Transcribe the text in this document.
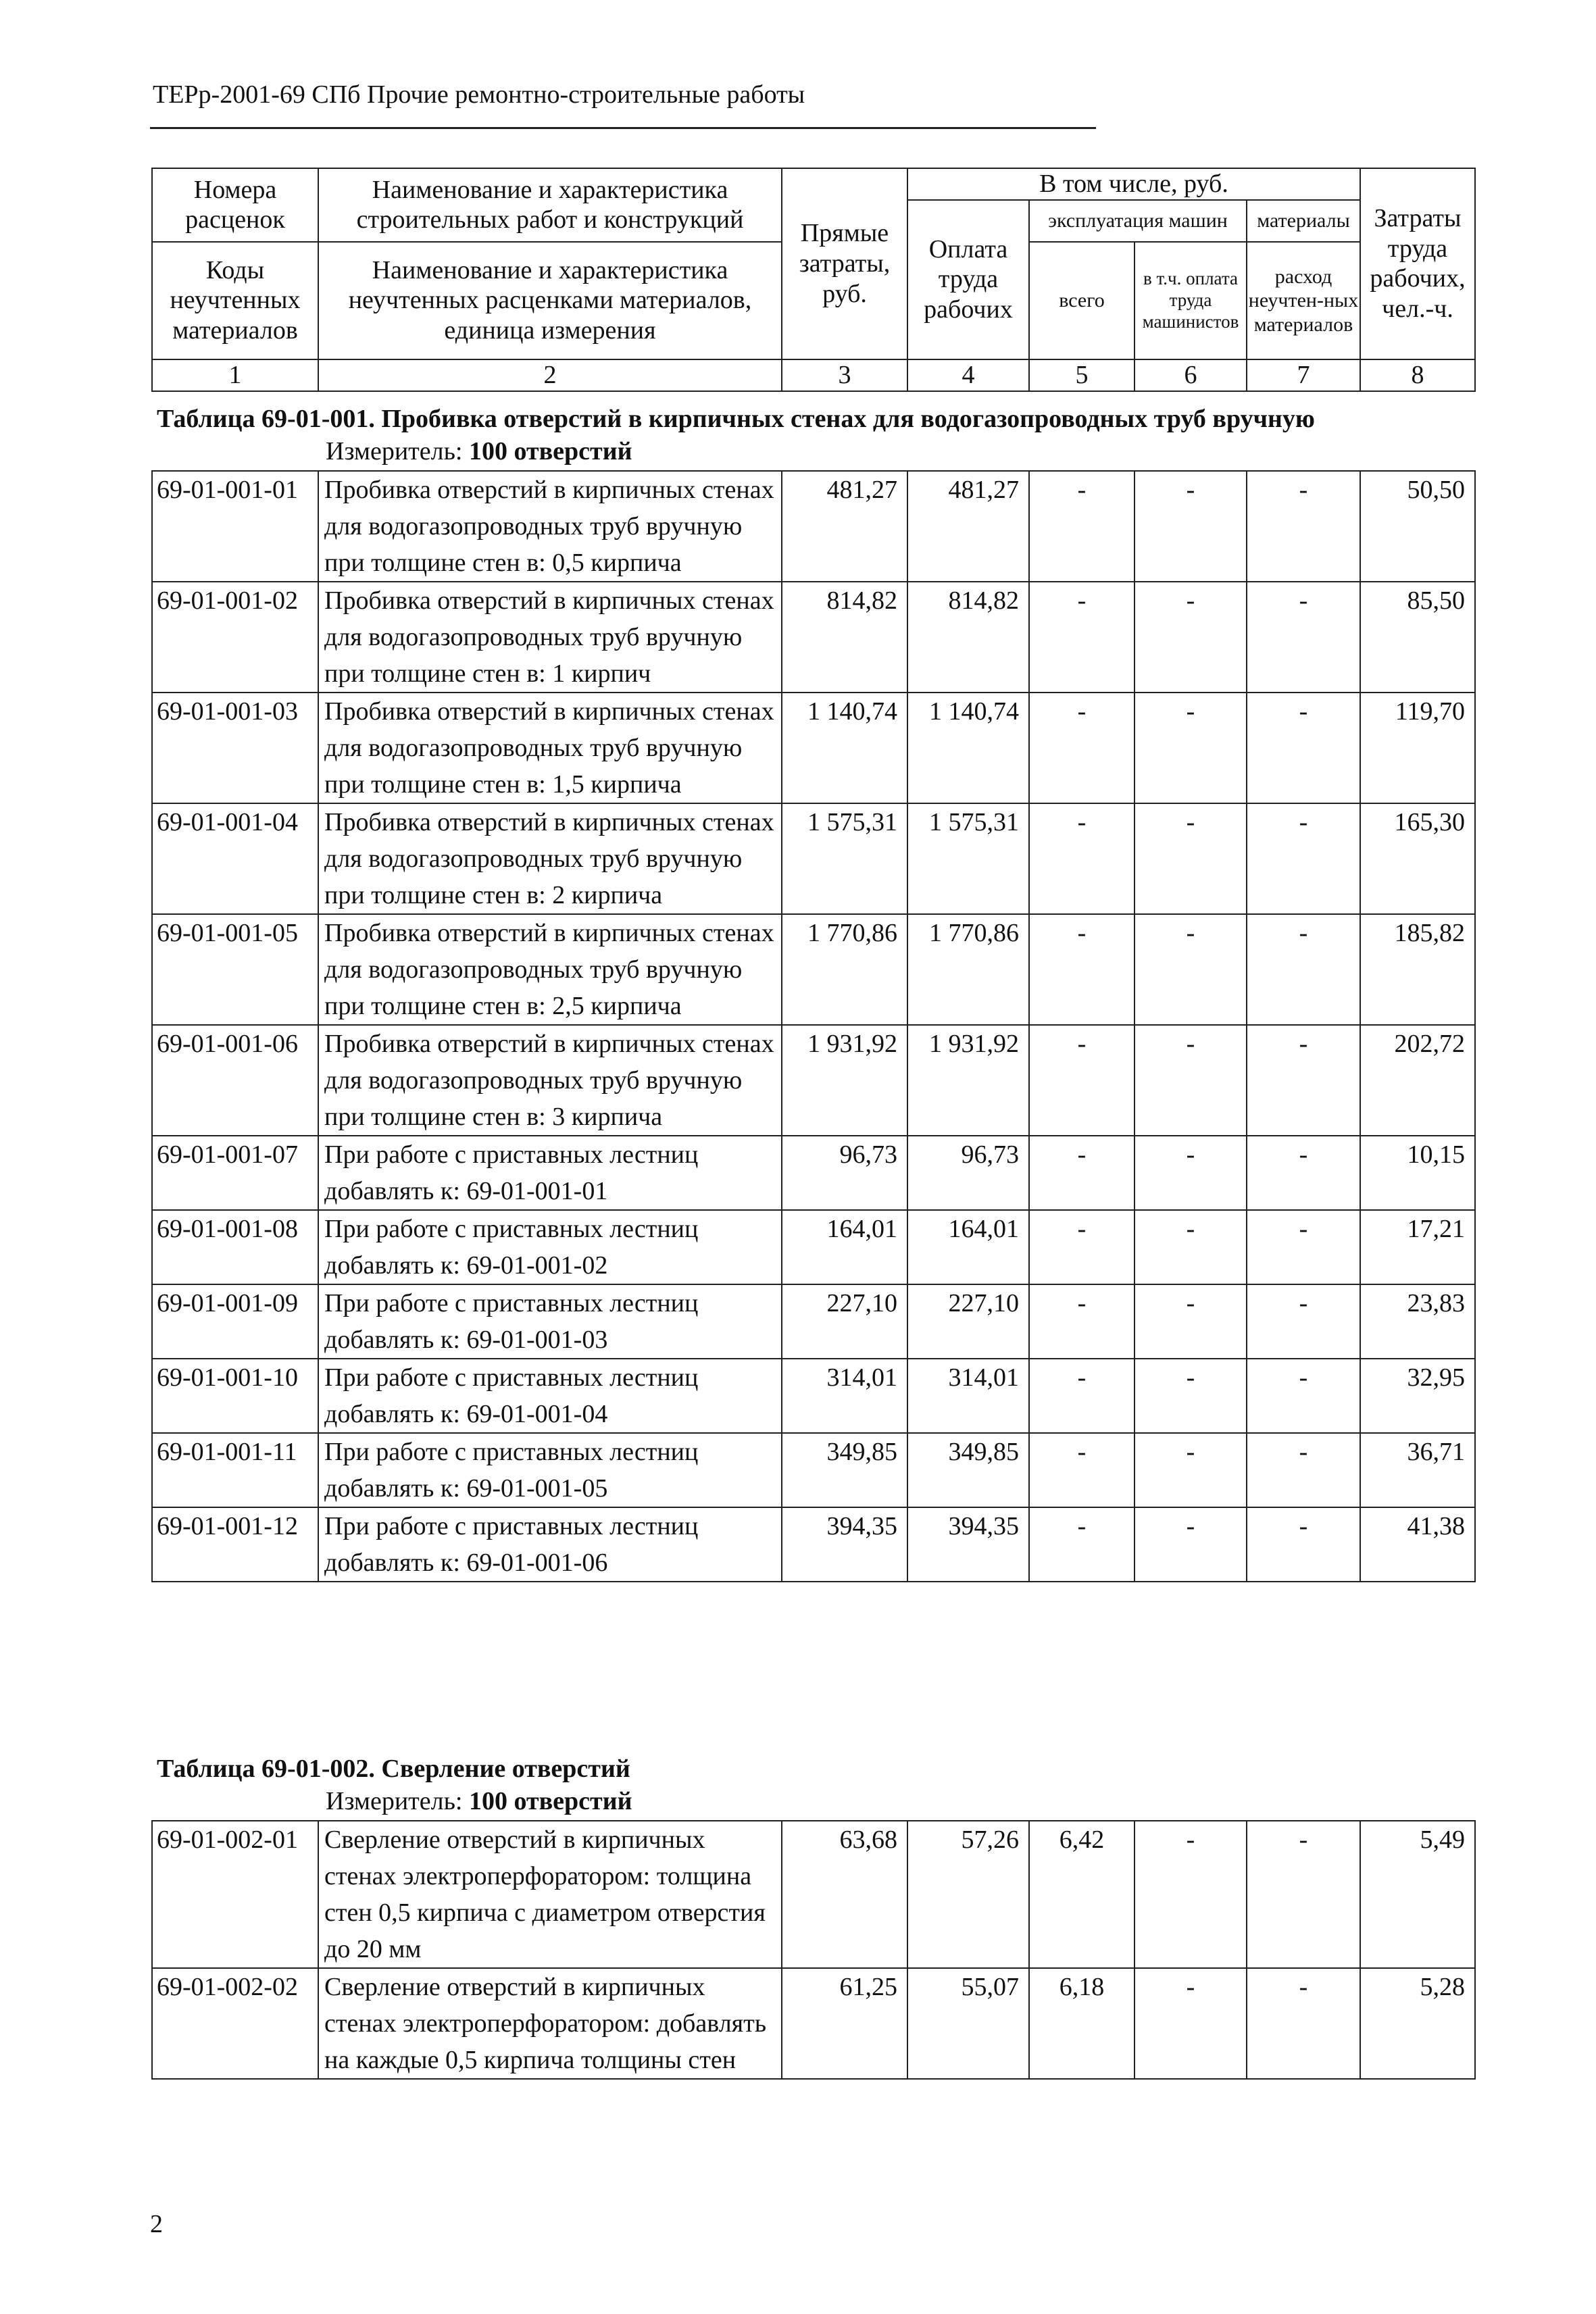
ТЕРр-2001-69 СПб Прочие ремонтно-строительные работы
Номера расценок	Наименование и характеристика строительных работ и конструкций	Прямые затраты, руб.	В том числе, руб.				Затраты труда рабочих, чел.-ч.
			Оплата труда рабочих	эксплуатация машин		материалы	
Коды неучтенных материалов	Наименование и характеристика неучтенных расценками материалов, единица измерения			всего	в т.ч. оплата труда машинистов	расход неучтен-ных материалов	

1	2	3	4	5	6	7	8
Таблица 69-01-001. Пробивка отверстий в кирпичных стенах для водогазопроводных труб вручную
Измеритель: 100 отверстий
69-01-001-01	Пробивка отверстий в кирпичных стенах для водогазопроводных труб вручную при толщине стен в: 0,5 кирпича	481,27	481,27	-	-	-	50,50
69-01-001-02	Пробивка отверстий в кирпичных стенах для водогазопроводных труб вручную при толщине стен в: 1 кирпич	814,82	814,82	-	-	-	85,50
69-01-001-03	Пробивка отверстий в кирпичных стенах для водогазопроводных труб вручную при толщине стен в: 1,5 кирпича	1 140,74	1 140,74	-	-	-	119,70
69-01-001-04	Пробивка отверстий в кирпичных стенах для водогазопроводных труб вручную при толщине стен в: 2 кирпича	1 575,31	1 575,31	-	-	-	165,30
69-01-001-05	Пробивка отверстий в кирпичных стенах для водогазопроводных труб вручную при толщине стен в: 2,5 кирпича	1 770,86	1 770,86	-	-	-	185,82
69-01-001-06	Пробивка отверстий в кирпичных стенах для водогазопроводных труб вручную при толщине стен в: 3 кирпича	1 931,92	1 931,92	-	-	-	202,72
69-01-001-07	При работе с приставных лестниц добавлять к: 69-01-001-01	96,73	96,73	-	-	-	10,15
69-01-001-08	При работе с приставных лестниц добавлять к: 69-01-001-02	164,01	164,01	-	-	-	17,21
69-01-001-09	При работе с приставных лестниц добавлять к: 69-01-001-03	227,10	227,10	-	-	-	23,83
69-01-001-10	При работе с приставных лестниц добавлять к: 69-01-001-04	314,01	314,01	-	-	-	32,95
69-01-001-11	При работе с приставных лестниц добавлять к: 69-01-001-05	349,85	349,85	-	-	-	36,71
69-01-001-12	При работе с приставных лестниц добавлять к: 69-01-001-06	394,35	394,35	-	-	-	41,38
Таблица 69-01-002. Сверление отверстий
Измеритель: 100 отверстий
69-01-002-01	Сверление отверстий в кирпичных стенах электроперфоратором: толщина стен 0,5 кирпича с диаметром отверстия до 20 мм	63,68	57,26	6,42	-	-	5,49
69-01-002-02	Сверление отверстий в кирпичных стенах электроперфоратором: добавлять на каждые 0,5 кирпича толщины стен	61,25	55,07	6,18	-	-	5,28
2
